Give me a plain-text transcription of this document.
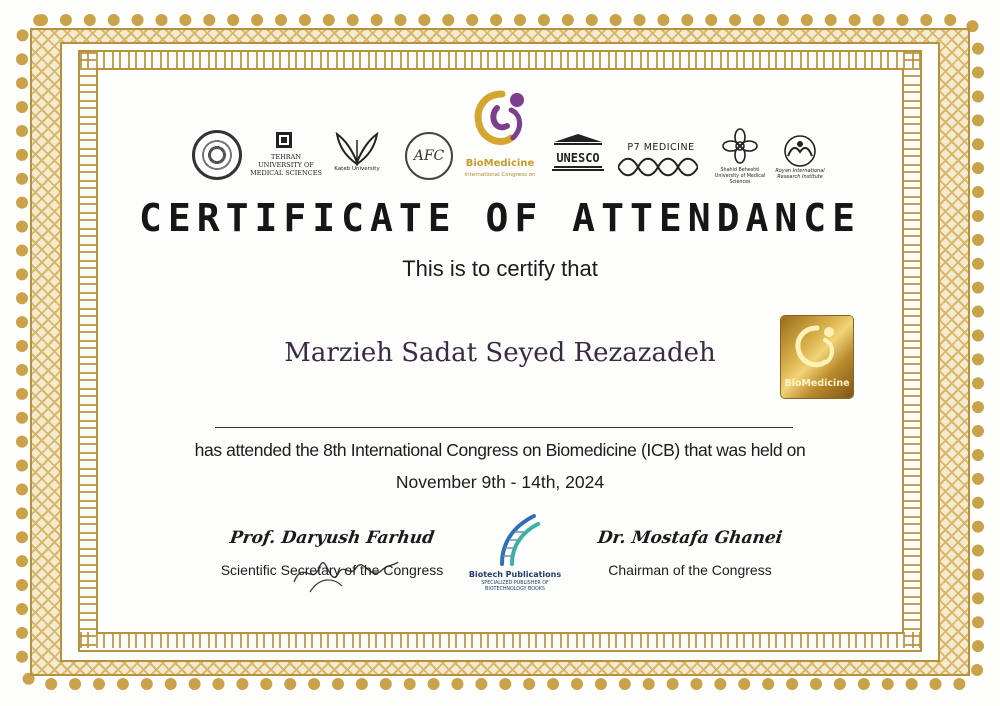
TEHRAN UNIVERSITY OF MEDICAL SCIENCES	Kateb University
AFC	BioMedicine
International Congress on
UNESCO
P7 MEDICINE
Shahid Beheshti University of Medical Sciences
Royan International Research Institute
CERTIFICATE OF ATTENDANCE
This is to certify that
Marzieh Sadat Seyed Rezazadeh
BioMedicine
has attended the 8th International Congress on Biomedicine (ICB) that was held on
November 9th - 14th, 2024
Prof. Daryush Farhud
Scientific Secretary of the Congress	Biotech Publications
SPECIALIZED PUBLISHER OF BIOTECHNOLOGY BOOKS
Dr. Mostafa Ghanei
Chairman of the Congress
